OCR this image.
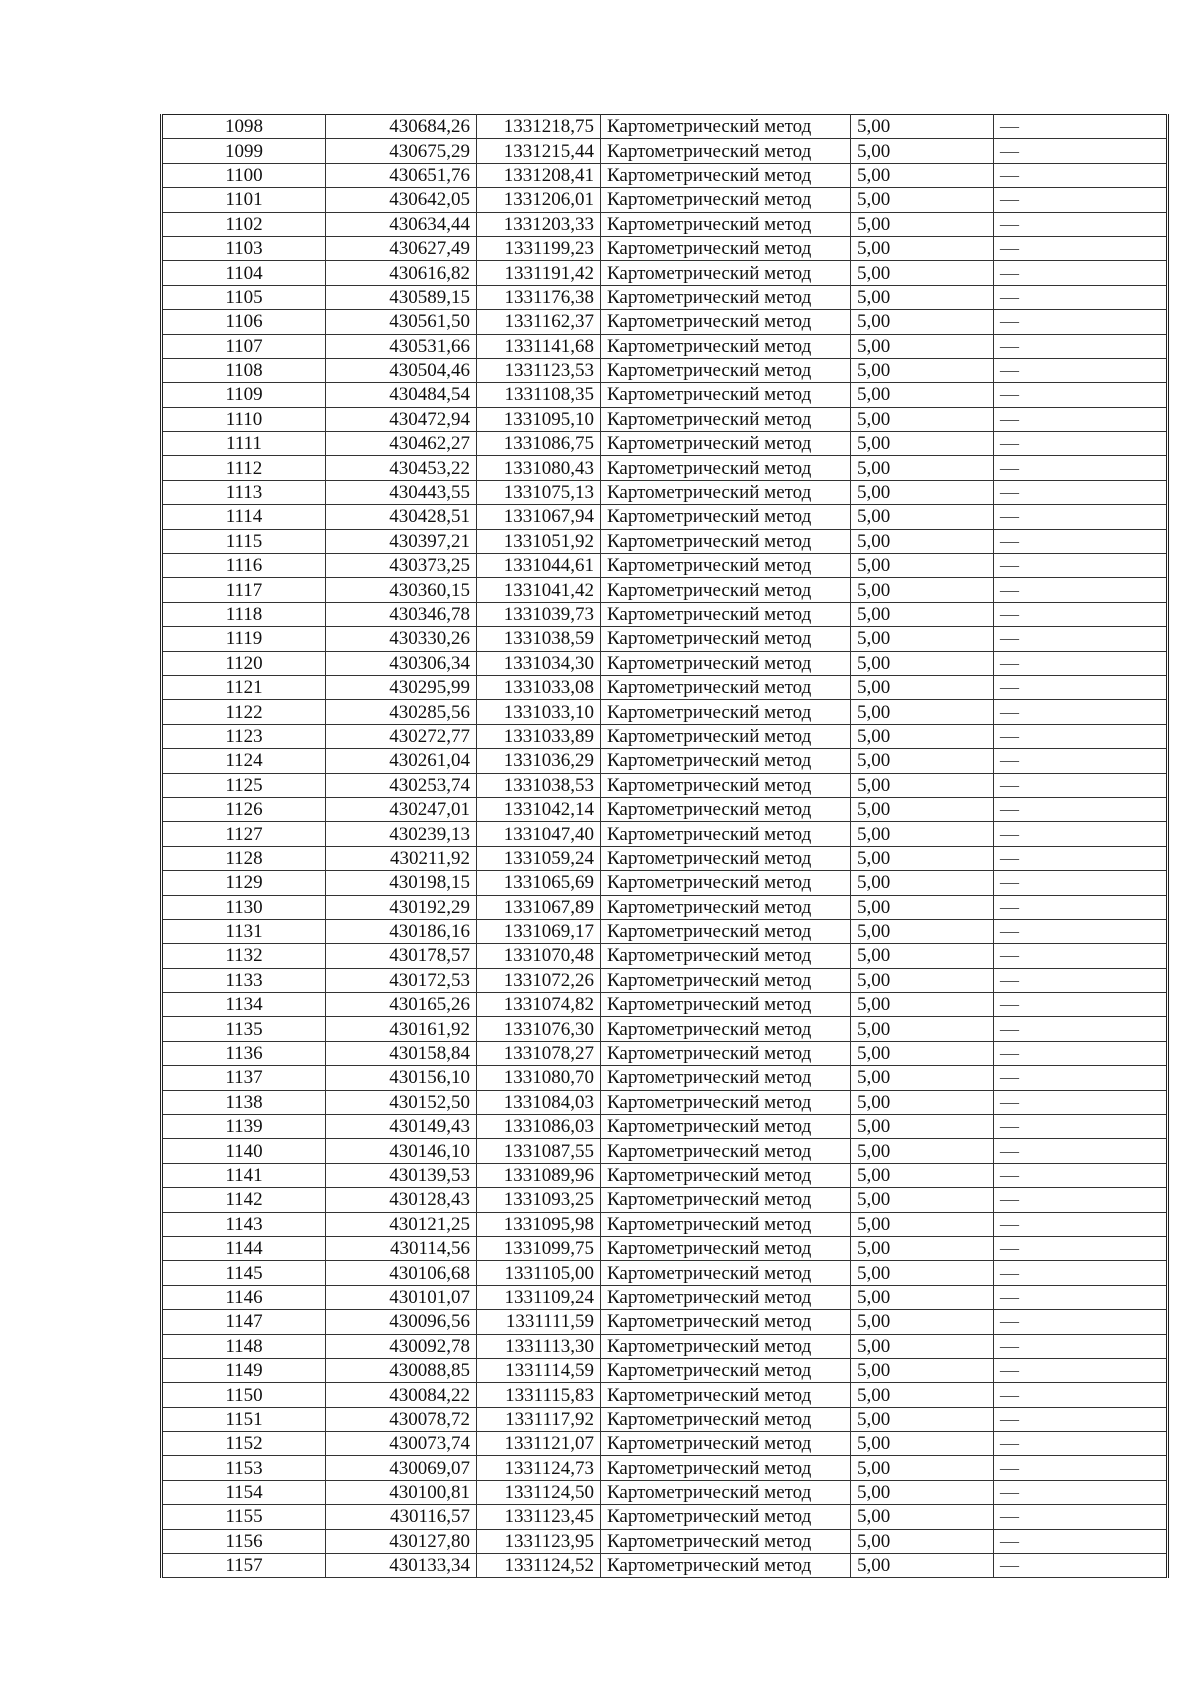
1098	430684,26	1331218,75	Картометрический метод	5,00	—
1099	430675,29	1331215,44	Картометрический метод	5,00	—
1100	430651,76	1331208,41	Картометрический метод	5,00	—
1101	430642,05	1331206,01	Картометрический метод	5,00	—
1102	430634,44	1331203,33	Картометрический метод	5,00	—
1103	430627,49	1331199,23	Картометрический метод	5,00	—
1104	430616,82	1331191,42	Картометрический метод	5,00	—
1105	430589,15	1331176,38	Картометрический метод	5,00	—
1106	430561,50	1331162,37	Картометрический метод	5,00	—
1107	430531,66	1331141,68	Картометрический метод	5,00	—
1108	430504,46	1331123,53	Картометрический метод	5,00	—
1109	430484,54	1331108,35	Картометрический метод	5,00	—
1110	430472,94	1331095,10	Картометрический метод	5,00	—
1111	430462,27	1331086,75	Картометрический метод	5,00	—
1112	430453,22	1331080,43	Картометрический метод	5,00	—
1113	430443,55	1331075,13	Картометрический метод	5,00	—
1114	430428,51	1331067,94	Картометрический метод	5,00	—
1115	430397,21	1331051,92	Картометрический метод	5,00	—
1116	430373,25	1331044,61	Картометрический метод	5,00	—
1117	430360,15	1331041,42	Картометрический метод	5,00	—
1118	430346,78	1331039,73	Картометрический метод	5,00	—
1119	430330,26	1331038,59	Картометрический метод	5,00	—
1120	430306,34	1331034,30	Картометрический метод	5,00	—
1121	430295,99	1331033,08	Картометрический метод	5,00	—
1122	430285,56	1331033,10	Картометрический метод	5,00	—
1123	430272,77	1331033,89	Картометрический метод	5,00	—
1124	430261,04	1331036,29	Картометрический метод	5,00	—
1125	430253,74	1331038,53	Картометрический метод	5,00	—
1126	430247,01	1331042,14	Картометрический метод	5,00	—
1127	430239,13	1331047,40	Картометрический метод	5,00	—
1128	430211,92	1331059,24	Картометрический метод	5,00	—
1129	430198,15	1331065,69	Картометрический метод	5,00	—
1130	430192,29	1331067,89	Картометрический метод	5,00	—
1131	430186,16	1331069,17	Картометрический метод	5,00	—
1132	430178,57	1331070,48	Картометрический метод	5,00	—
1133	430172,53	1331072,26	Картометрический метод	5,00	—
1134	430165,26	1331074,82	Картометрический метод	5,00	—
1135	430161,92	1331076,30	Картометрический метод	5,00	—
1136	430158,84	1331078,27	Картометрический метод	5,00	—
1137	430156,10	1331080,70	Картометрический метод	5,00	—
1138	430152,50	1331084,03	Картометрический метод	5,00	—
1139	430149,43	1331086,03	Картометрический метод	5,00	—
1140	430146,10	1331087,55	Картометрический метод	5,00	—
1141	430139,53	1331089,96	Картометрический метод	5,00	—
1142	430128,43	1331093,25	Картометрический метод	5,00	—
1143	430121,25	1331095,98	Картометрический метод	5,00	—
1144	430114,56	1331099,75	Картометрический метод	5,00	—
1145	430106,68	1331105,00	Картометрический метод	5,00	—
1146	430101,07	1331109,24	Картометрический метод	5,00	—
1147	430096,56	1331111,59	Картометрический метод	5,00	—
1148	430092,78	1331113,30	Картометрический метод	5,00	—
1149	430088,85	1331114,59	Картометрический метод	5,00	—
1150	430084,22	1331115,83	Картометрический метод	5,00	—
1151	430078,72	1331117,92	Картометрический метод	5,00	—
1152	430073,74	1331121,07	Картометрический метод	5,00	—
1153	430069,07	1331124,73	Картометрический метод	5,00	—
1154	430100,81	1331124,50	Картометрический метод	5,00	—
1155	430116,57	1331123,45	Картометрический метод	5,00	—
1156	430127,80	1331123,95	Картометрический метод	5,00	—
1157	430133,34	1331124,52	Картометрический метод	5,00	—
